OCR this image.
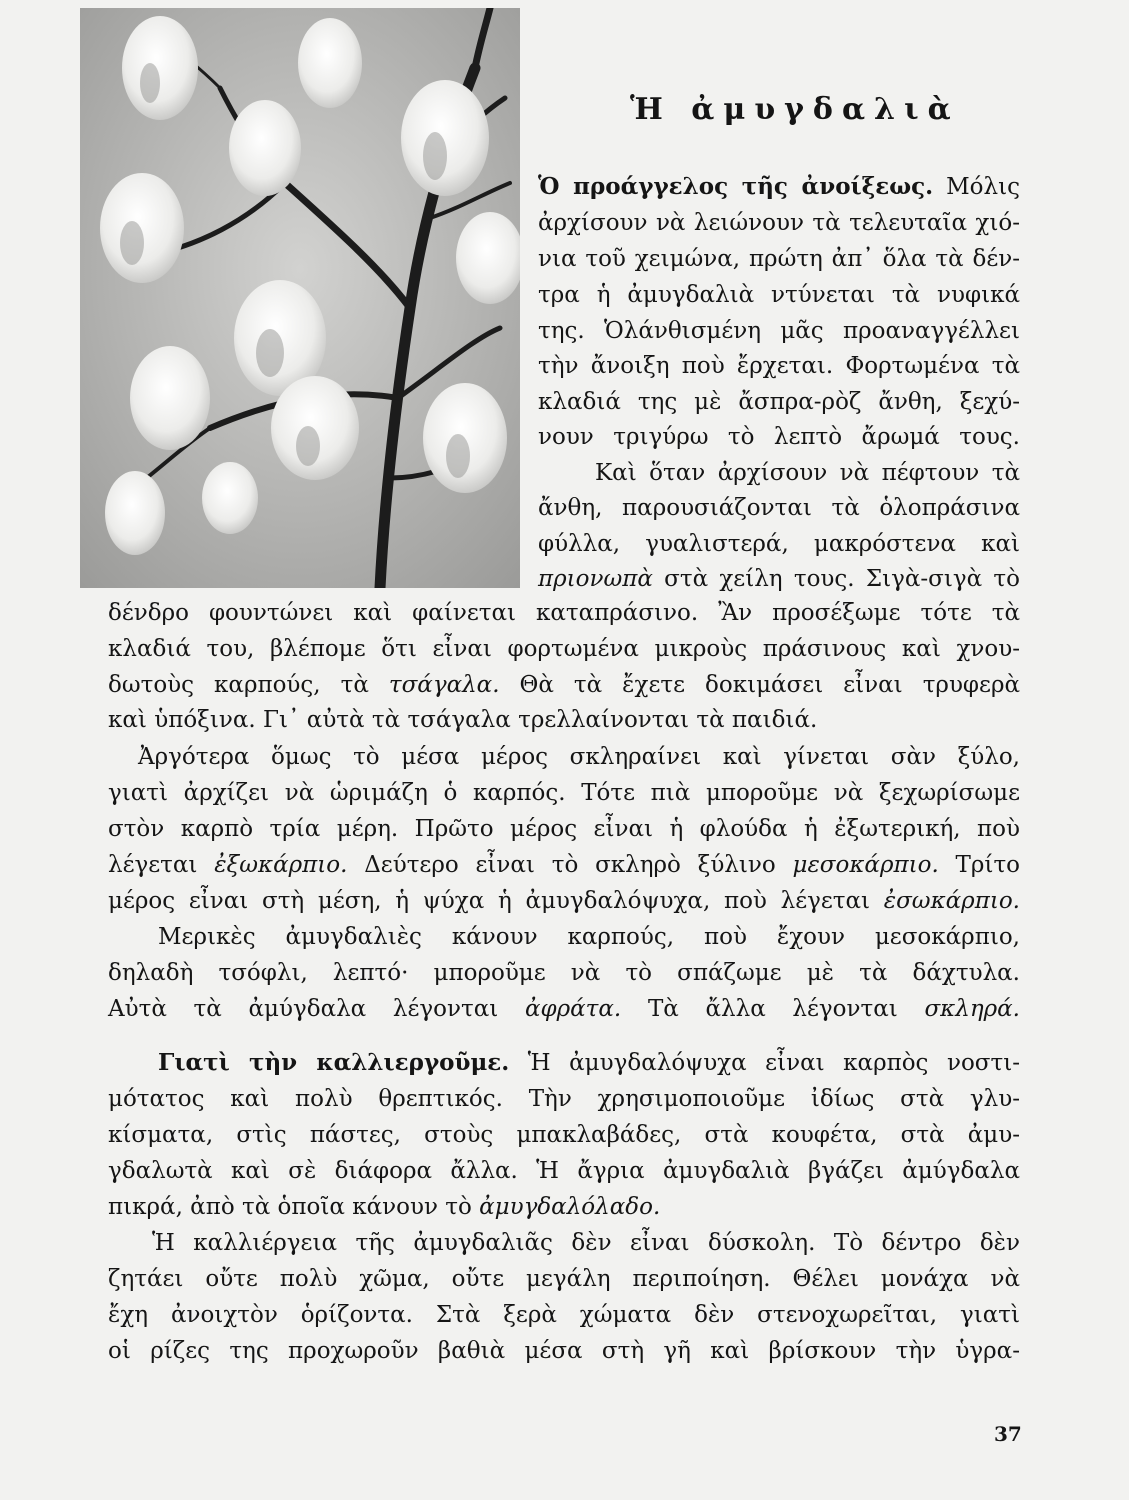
Ἡ ἀμυγδαλιὰ
Ὁ προάγγελος τῆς ἀνοίξεως. Μόλις
ἀρχίσουν νὰ λειώνουν τὰ τελευταῖα χιό-
νια τοῦ χειμώνα, πρώτη ἀπ᾿ ὅλα τὰ δέν-
τρα ἡ ἀμυγδαλιὰ ντύνεται τὰ νυφικά
της. Ὁλάνθισμένη μᾶς προαναγγέλλει
τὴν ἄνοιξη ποὺ ἔρχεται. Φορτωμένα τὰ
κλαδιά της μὲ ἄσπρα-ρὸζ ἄνθη, ξεχύ-
νουν τριγύρω τὸ λεπτὸ ἄρωμά τους.
Καὶ ὅταν ἀρχίσουν νὰ πέφτουν τὰ
ἄνθη, παρουσιάζονται τὰ ὁλοπράσινα
φύλλα, γυαλιστερά, μακρόστενα καὶ
πριονωπὰ στὰ χείλη τους. Σιγὰ-σιγὰ τὸ
δένδρο φουντώνει καὶ φαίνεται καταπράσινο. Ἂν προσέξωμε τότε τὰ
κλαδιά του, βλέπομε ὅτι εἶναι φορτωμένα μικροὺς πράσινους καὶ χνου-
δωτοὺς καρπούς, τὰ τσάγαλα. Θὰ τὰ ἔχετε δοκιμάσει εἶναι τρυφερὰ
καὶ ὑπόξινα. Γι᾿ αὐτὰ τὰ τσάγαλα τρελλαίνονται τὰ παιδιά.
Ἀργότερα ὅμως τὸ μέσα μέρος σκληραίνει καὶ γίνεται σὰν ξύλο,
γιατὶ ἀρχίζει νὰ ὡριμάζη ὁ καρπός. Τότε πιὰ μποροῦμε νὰ ξεχωρίσωμε
στὸν καρπὸ τρία μέρη. Πρῶτο μέρος εἶναι ἡ φλούδα ἡ ἐξωτερική, ποὺ
λέγεται ἐξωκάρπιο. Δεύτερο εἶναι τὸ σκληρὸ ξύλινο μεσοκάρπιο. Τρίτο
μέρος εἶναι στὴ μέση, ἡ ψύχα ἡ ἀμυγδαλόψυχα, ποὺ λέγεται ἐσωκάρπιο.
Μερικὲς ἀμυγδαλιὲς κάνουν καρπούς, ποὺ ἔχουν μεσοκάρπιο,
δηλαδὴ τσόφλι, λεπτό· μποροῦμε νὰ τὸ σπάζωμε μὲ τὰ δάχτυλα.
Αὐτὰ τὰ ἀμύγδαλα λέγονται ἀφράτα. Τὰ ἄλλα λέγονται σκληρά.
Γιατὶ τὴν καλλιεργοῦμε. Ἡ ἀμυγδαλόψυχα εἶναι καρπὸς νοστι-
μότατος καὶ πολὺ θρεπτικός. Τὴν χρησιμοποιοῦμε ἰδίως στὰ γλυ-
κίσματα, στὶς πάστες, στοὺς μπακλαβάδες, στὰ κουφέτα, στὰ ἀμυ-
γδαλωτὰ καὶ σὲ διάφορα ἄλλα. Ἡ ἄγρια ἀμυγδαλιὰ βγάζει ἀμύγδαλα
πικρά, ἀπὸ τὰ ὁποῖα κάνουν τὸ ἀμυγδαλόλαδο.
Ἡ καλλιέργεια τῆς ἀμυγδαλιᾶς δὲν εἶναι δύσκολη. Τὸ δέντρο δὲν
ζητάει οὔτε πολὺ χῶμα, οὔτε μεγάλη περιποίηση. Θέλει μονάχα νὰ
ἔχη ἀνοιχτὸν ὁρίζοντα. Στὰ ξερὰ χώματα δὲν στενοχωρεῖται, γιατὶ
οἱ ρίζες της προχωροῦν βαθιὰ μέσα στὴ γῆ καὶ βρίσκουν τὴν ὑγρα-
37
